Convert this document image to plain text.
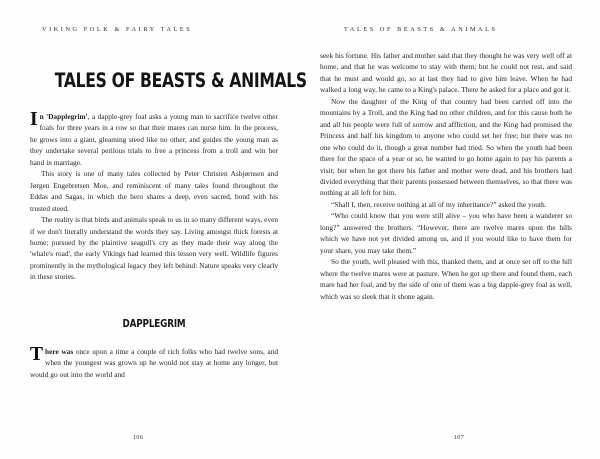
VIKING FOLK & FAIRY TALES
TALES OF BEASTS & ANIMALS

I n 'Dapplegrim', a dapple-grey foal asks a young man to sacrifice twelve other foals for three years in a row so that their mares can nurse him. In the process, he grows into a giant, gleaming steed like no other, and guides the young man as they undertake several perilous trials to free a princess from a troll and win her hand in marriage.

This story is one of many tales collected by Peter Christen Asbjørnsen and Jørgen Engebretsen Moe, and reminiscent of many tales found throughout the Eddas and Sagas, in which the hero shares a deep, even sacred, bond with his trusted steed.

The reality is that birds and animals speak to us in so many different ways, even if we don't literally understand the words they say. Living amongst thick forests at home; pursued by the plaintive seagull's cry as they made their way along the 'whale's road', the early Vikings had learned this lesson very well. Wildlife figures prominently in the mythological legacy they left behind: Nature speaks very clearly in these stories.

DAPPLEGRIM

T here was once upon a time a couple of rich folks who had twelve sons, and when the youngest was grown up he would not stay at home any longer, but would go out into the world and

106
TALES OF BEASTS & ANIMALS

seek his fortune. His father and mother said that they thought he was very well off at home, and that he was welcome to stay with them; but he could not rest, and said that he must and would go, so at last they had to give him leave. When he had walked a long way, he came to a King's palace. There he asked for a place and got it.

Now the daughter of the King of that country had been carried off into the mountains by a Troll, and the King had no other children, and for this cause both he and all his people were full of sorrow and affliction, and the King had promised the Princess and half his kingdom to anyone who could set her free; but there was no one who could do it, though a great number had tried. So when the youth had been there for the space of a year or so, he wanted to go home again to pay his parents a visit; but when he got there his father and mother were dead, and his brothers had divided everything that their parents possessed between themselves, so that there was nothing at all left for him.

“Shall I, then, receive nothing at all of my inheritance?” asked the youth.

“Who could know that you were still alive – you who have been a wanderer so long?” answered the brothers. “However, there are twelve mares upon the hills which we have not yet divided among us, and if you would like to have them for your share, you may take them.”

So the youth, well pleased with this, thanked them, and at once set off to the hill where the twelve mares were at pasture. When he got up there and found them, each mare had her foal, and by the side of one of them was a big dapple-grey foal as well, which was so sleek that it shone again.

107
